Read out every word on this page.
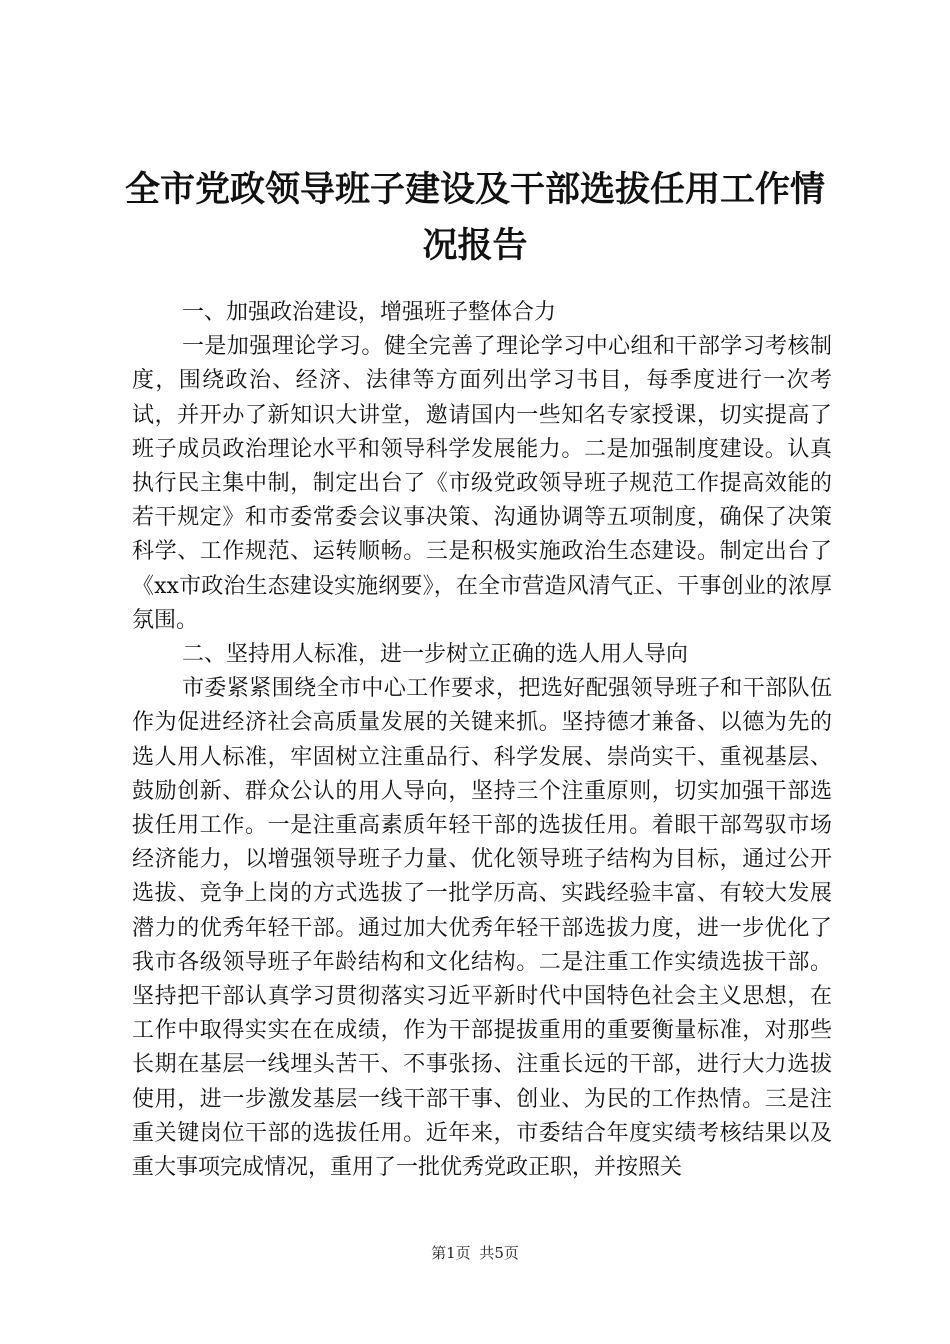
全市党政领导班子建设及干部选拔任用工作情
况报告

一、加强政治建设，增强班子整体合力

一是加强理论学习。健全完善了理论学习中心组和干部学习考核制度，围绕政治、经济、法律等方面列出学习书目，每季度进行一次考试，并开办了新知识大讲堂，邀请国内一些知名专家授课，切实提高了班子成员政治理论水平和领导科学发展能力。二是加强制度建设。认真执行民主集中制，制定出台了《市级党政领导班子规范工作提高效能的若干规定》和市委常委会议事决策、沟通协调等五项制度，确保了决策科学、工作规范、运转顺畅。三是积极实施政治生态建设。制定出台了《xx市政治生态建设实施纲要》，在全市营造风清气正、干事创业的浓厚氛围。

二、坚持用人标准，进一步树立正确的选人用人导向

市委紧紧围绕全市中心工作要求，把选好配强领导班子和干部队伍作为促进经济社会高质量发展的关键来抓。坚持德才兼备、以德为先的选人用人标准，牢固树立注重品行、科学发展、崇尚实干、重视基层、鼓励创新、群众公认的用人导向，坚持三个注重原则，切实加强干部选拔任用工作。一是注重高素质年轻干部的选拔任用。着眼干部驾驭市场经济能力，以增强领导班子力量、优化领导班子结构为目标，通过公开选拔、竞争上岗的方式选拔了一批学历高、实践经验丰富、有较大发展潜力的优秀年轻干部。通过加大优秀年轻干部选拔力度，进一步优化了我市各级领导班子年龄结构和文化结构。二是注重工作实绩选拔干部。坚持把干部认真学习贯彻落实习近平新时代中国特色社会主义思想，在工作中取得实实在在成绩，作为干部提拔重用的重要衡量标准，对那些长期在基层一线埋头苦干、不事张扬、注重长远的干部，进行大力选拔使用，进一步激发基层一线干部干事、创业、为民的工作热情。三是注重关键岗位干部的选拔任用。近年来，市委结合年度实绩考核结果以及重大事项完成情况，重用了一批优秀党政正职，并按照关

第1页 共5页
